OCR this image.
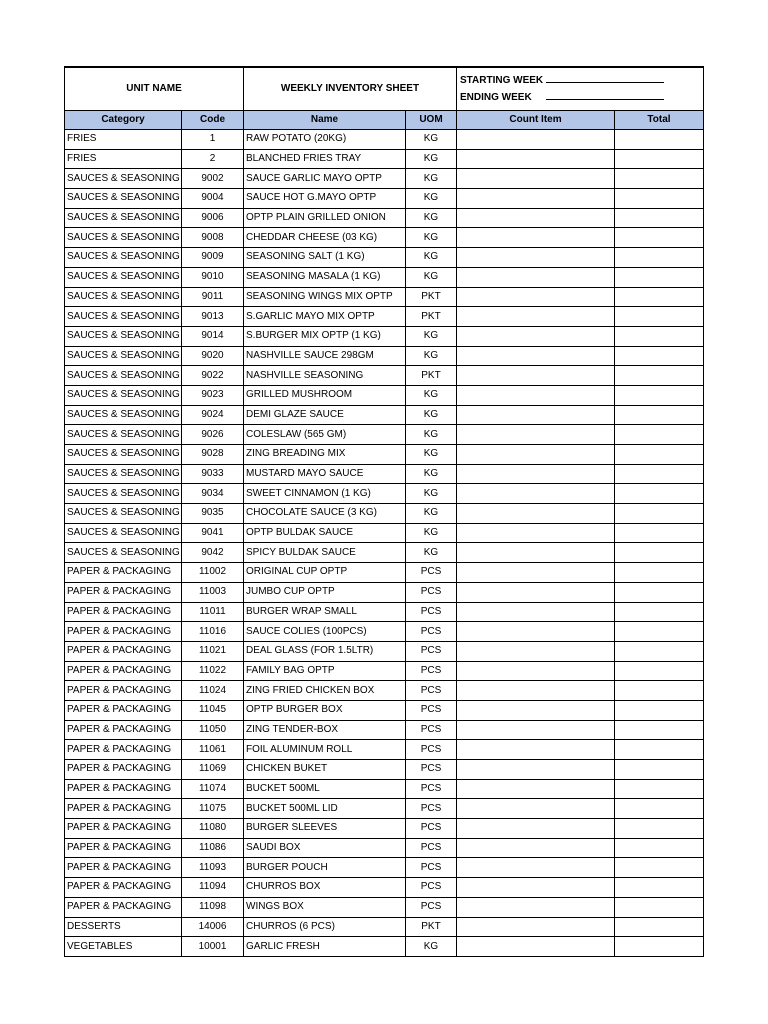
UNIT NAME		WEEKLY INVENTORY SHEET		STARTING WEEK
ENDING WEEK	

Category	Code	Name	UOM	Count Item	Total
FRIES	1	RAW POTATO (20KG)	KG		
FRIES	2	BLANCHED FRIES TRAY	KG		
SAUCES & SEASONING	9002	SAUCE GARLIC MAYO OPTP	KG		
SAUCES & SEASONING	9004	SAUCE HOT G.MAYO OPTP	KG		
SAUCES & SEASONING	9006	OPTP PLAIN GRILLED ONION	KG		
SAUCES & SEASONING	9008	CHEDDAR CHEESE (03 KG)	KG		
SAUCES & SEASONING	9009	SEASONING SALT (1 KG)	KG		
SAUCES & SEASONING	9010	SEASONING MASALA (1 KG)	KG		
SAUCES & SEASONING	9011	SEASONING WINGS MIX OPTP	PKT		
SAUCES & SEASONING	9013	S.GARLIC MAYO MIX OPTP	PKT		
SAUCES & SEASONING	9014	S.BURGER MIX OPTP (1 KG)	KG		
SAUCES & SEASONING	9020	NASHVILLE SAUCE 298GM	KG		
SAUCES & SEASONING	9022	NASHVILLE SEASONING	PKT		
SAUCES & SEASONING	9023	GRILLED MUSHROOM	KG		
SAUCES & SEASONING	9024	DEMI GLAZE SAUCE	KG		
SAUCES & SEASONING	9026	COLESLAW (565 GM)	KG		
SAUCES & SEASONING	9028	ZING BREADING MIX	KG		
SAUCES & SEASONING	9033	MUSTARD MAYO SAUCE	KG		
SAUCES & SEASONING	9034	SWEET CINNAMON (1 KG)	KG		
SAUCES & SEASONING	9035	CHOCOLATE SAUCE (3 KG)	KG		
SAUCES & SEASONING	9041	OPTP BULDAK SAUCE	KG		
SAUCES & SEASONING	9042	SPICY BULDAK SAUCE	KG		
PAPER & PACKAGING	11002	ORIGINAL CUP OPTP	PCS		
PAPER & PACKAGING	11003	JUMBO CUP OPTP	PCS		
PAPER & PACKAGING	11011	BURGER WRAP SMALL	PCS		
PAPER & PACKAGING	11016	SAUCE COLIES (100PCS)	PCS		
PAPER & PACKAGING	11021	DEAL GLASS (FOR 1.5LTR)	PCS		
PAPER & PACKAGING	11022	FAMILY BAG OPTP	PCS		
PAPER & PACKAGING	11024	ZING FRIED CHICKEN BOX	PCS		
PAPER & PACKAGING	11045	OPTP BURGER BOX	PCS		
PAPER & PACKAGING	11050	ZING TENDER-BOX	PCS		
PAPER & PACKAGING	11061	FOIL ALUMINUM ROLL	PCS		
PAPER & PACKAGING	11069	CHICKEN BUKET	PCS		
PAPER & PACKAGING	11074	BUCKET 500ML	PCS		
PAPER & PACKAGING	11075	BUCKET 500ML LID	PCS		
PAPER & PACKAGING	11080	BURGER SLEEVES	PCS		
PAPER & PACKAGING	11086	SAUDI BOX	PCS		
PAPER & PACKAGING	11093	BURGER POUCH	PCS		
PAPER & PACKAGING	11094	CHURROS BOX	PCS		
PAPER & PACKAGING	11098	WINGS BOX	PCS		
DESSERTS	14006	CHURROS (6 PCS)	PKT		
VEGETABLES	10001	GARLIC FRESH	KG		
